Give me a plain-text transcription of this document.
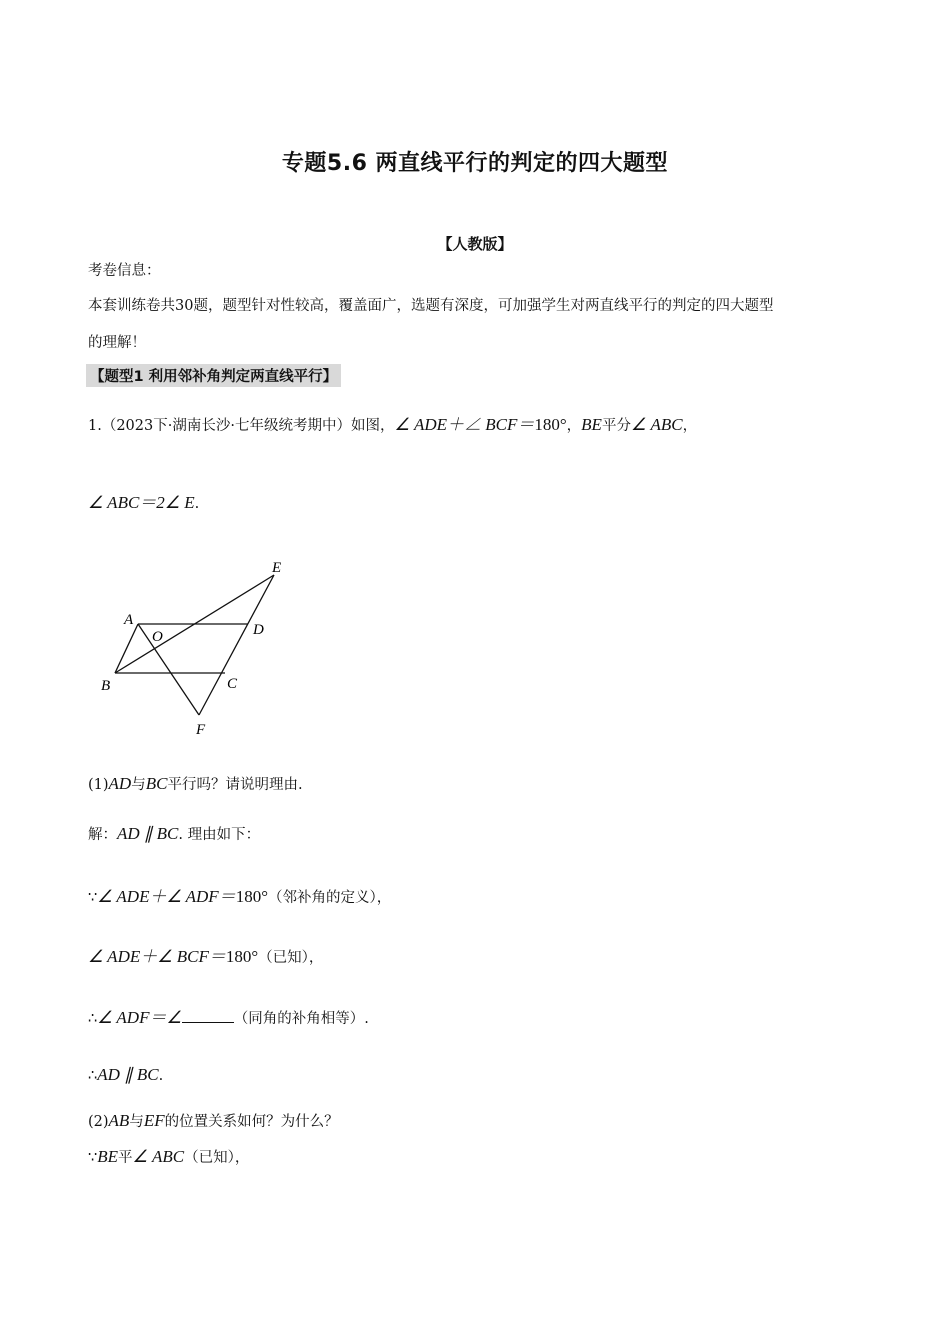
专题5.6 两直线平行的判定的四大题型
【人教版】
考卷信息：
本套训练卷共30题，题型针对性较高，覆盖面广，选题有深度，可加强学生对两直线平行的判定的四大题型
的理解！
【题型1 利用邻补角判定两直线平行】
1.（2023下·湖南长沙·七年级统考期中）如图，∠ ADE＋∠ BCF＝180°，BE平分∠ ABC，
∠ ABC＝2∠ E.
E
A
O	D
B	C
F
(1)AD与BC平行吗？请说明理由.
解：AD ∥ BC. 理由如下：
∵∠ ADE＋∠ ADF＝180°（邻补角的定义），
∠ ADE＋∠ BCF＝180°（已知），
∴∠ ADF＝∠	（同角的补角相等）.
∴AD ∥ BC.
(2)AB与EF的位置关系如何？为什么？
∵BE平∠ ABC（已知），
